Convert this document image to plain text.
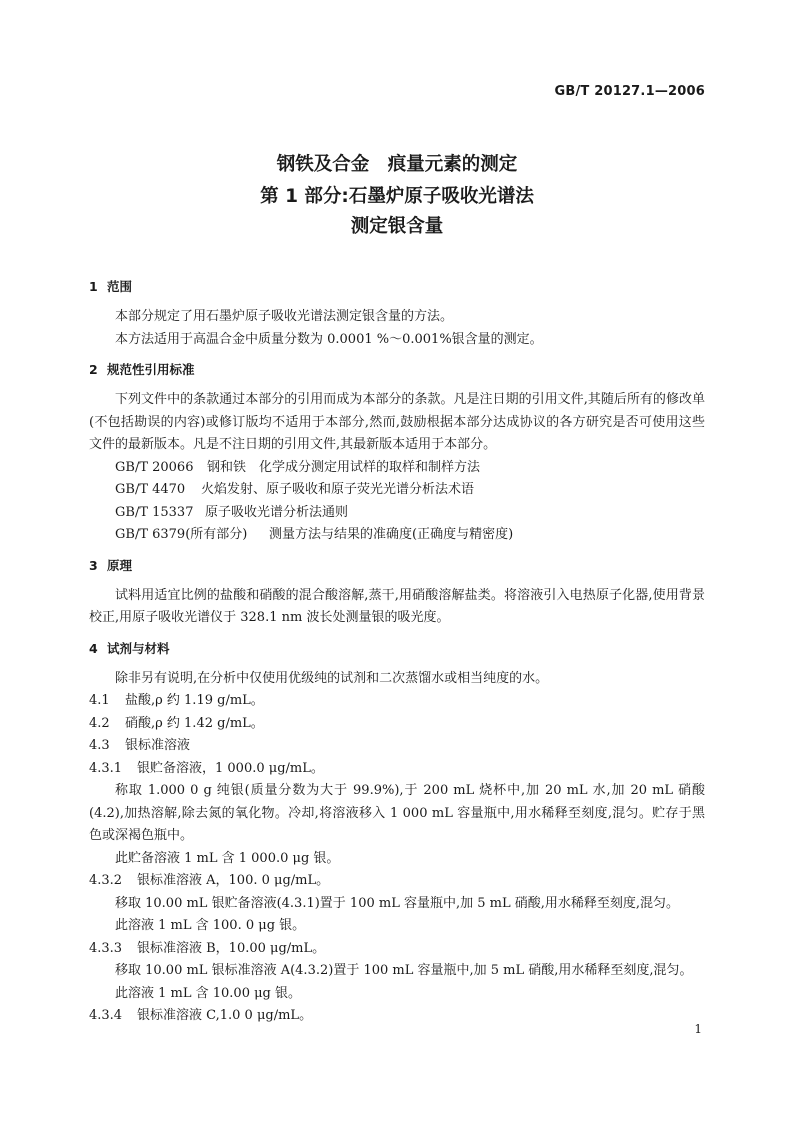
GB/T 20127.1—2006
钢铁及合金　痕量元素的测定
第 1 部分:石墨炉原子吸收光谱法
测定银含量
1 范围

本部分规定了用石墨炉原子吸收光谱法测定银含量的方法。

本方法适用于高温合金中质量分数为 0.0001 %～0.001%银含量的测定。

2 规范性引用标准

下列文件中的条款通过本部分的引用而成为本部分的条款。凡是注日期的引用文件,其随后所有的修改单(不包括勘误的内容)或修订版均不适用于本部分,然而,鼓励根据本部分达成协议的各方研究是否可使用这些文件的最新版本。凡是不注日期的引用文件,其最新版本适用于本部分。

GB/T 20066 钢和铁　化学成分测定用试样的取样和制样方法
GB/T 4470 火焰发射、原子吸收和原子荧光光谱分析法术语
GB/T 15337 原子吸收光谱分析法通则
GB/T 6379(所有部分) 测量方法与结果的准确度(正确度与精密度)
3 原理

试料用适宜比例的盐酸和硝酸的混合酸溶解,蒸干,用硝酸溶解盐类。将溶液引入电热原子化器,使用背景校正,用原子吸收光谱仪于 328.1 nm 波长处测量银的吸光度。

4 试剂与材料

除非另有说明,在分析中仅使用优级纯的试剂和二次蒸馏水或相当纯度的水。

4.1 盐酸,ρ 约 1.19 g/mL。
4.2 硝酸,ρ 约 1.42 g/mL。
4.3 银标准溶液
4.3.1 银贮备溶液，1 000.0 μg/mL。

称取 1.000 0 g 纯银(质量分数为大于 99.9%),于 200 mL 烧杯中,加 20 mL 水,加 20 mL 硝酸(4.2),加热溶解,除去氮的氧化物。冷却,将溶液移入 1 000 mL 容量瓶中,用水稀释至刻度,混匀。贮存于黑色或深褐色瓶中。

此贮备溶液 1 mL 含 1 000.0 μg 银。

4.3.2 银标准溶液 A，100. 0 μg/mL。

移取 10.00 mL 银贮备溶液(4.3.1)置于 100 mL 容量瓶中,加 5 mL 硝酸,用水稀释至刻度,混匀。

此溶液 1 mL 含 100. 0 μg 银。

4.3.3 银标准溶液 B，10.00 μg/mL。

移取 10.00 mL 银标准溶液 A(4.3.2)置于 100 mL 容量瓶中,加 5 mL 硝酸,用水稀释至刻度,混匀。

此溶液 1 mL 含 10.00 μg 银。

4.3.4 银标准溶液 C,1.0 0 μg/mL。
1
